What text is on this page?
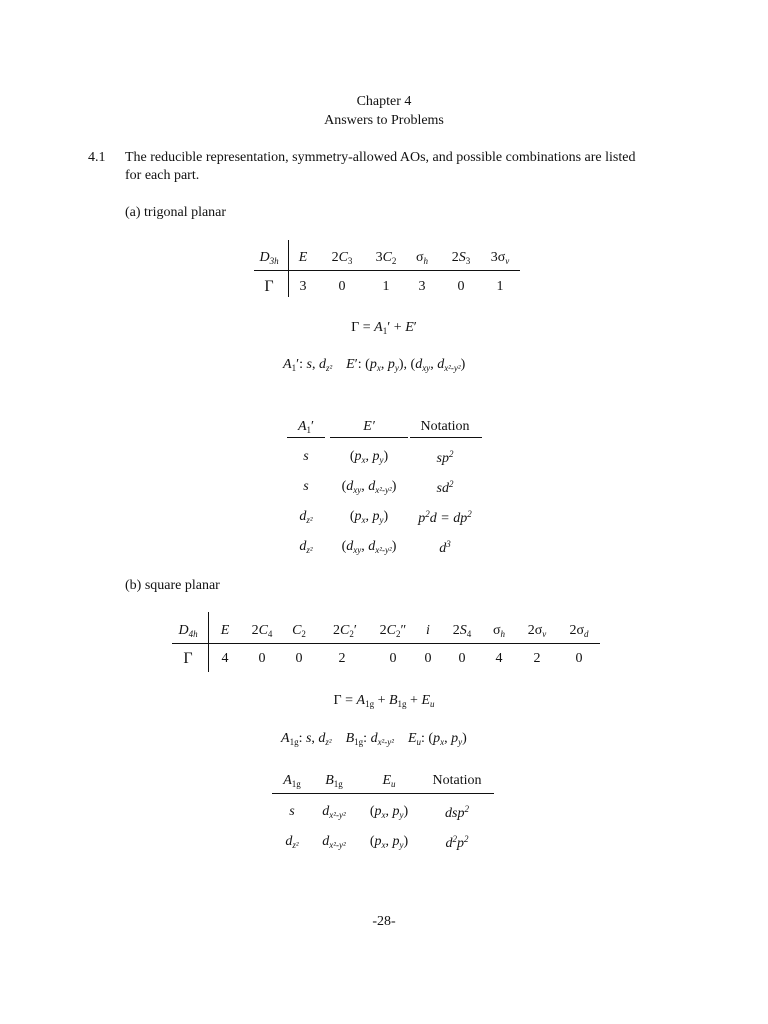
Chapter 4
Answers to Problems
4.1 The reducible representation, symmetry-allowed AOs, and possible combinations are listed
for each part.
(a) trigonal planar
$D_{3h}$	E	$2C_3$	$3C_2$	$\sigma_h$	$2S_3$	$3\sigma_v$
Γ	3	0	1	3	0	1
$\Gamma = A_1' + E'$
$A_1'$: s, $d_{z^2}$ E′: ($p_x$, $p_y$), ($d_{xy}$, $d_{x^2-y^2}$)
$A_1'$	E′	Notation
s	($p_x$, $p_y$)	$sp^2$
s	($d_{xy}$, $d_{x^2-y^2}$)	$sd^2$
$d_{z^2}$	($p_x$, $p_y$)	$p^2d = dp^2$
$d_{z^2}$	($d_{xy}$, $d_{x^2-y^2}$)	$d^3$
(b) square planar
$D_{4h}$	E	$2C_4$	$C_2$	$2C_2'$	$2C_2''$	i	$2S_4$	$\sigma_h$	$2\sigma_v$	$2\sigma_d$
Γ	4	0	0	2	0	0	0	4	2	0
$\Gamma = A_{1g} + B_{1g} + E_u$
$A_{1g}$: s, $d_{z^2}$ $B_{1g}$: $d_{x^2-y^2}$ $E_u$: ($p_x$, $p_y$)
$A_{1g}$	$B_{1g}$	$E_u$	Notation
s	$d_{x^2-y^2}$	($p_x$, $p_y$)	dsp$^2$
$d_{z^2}$	$d_{x^2-y^2}$	($p_x$, $p_y$)	$d^2p^2$
-28-
